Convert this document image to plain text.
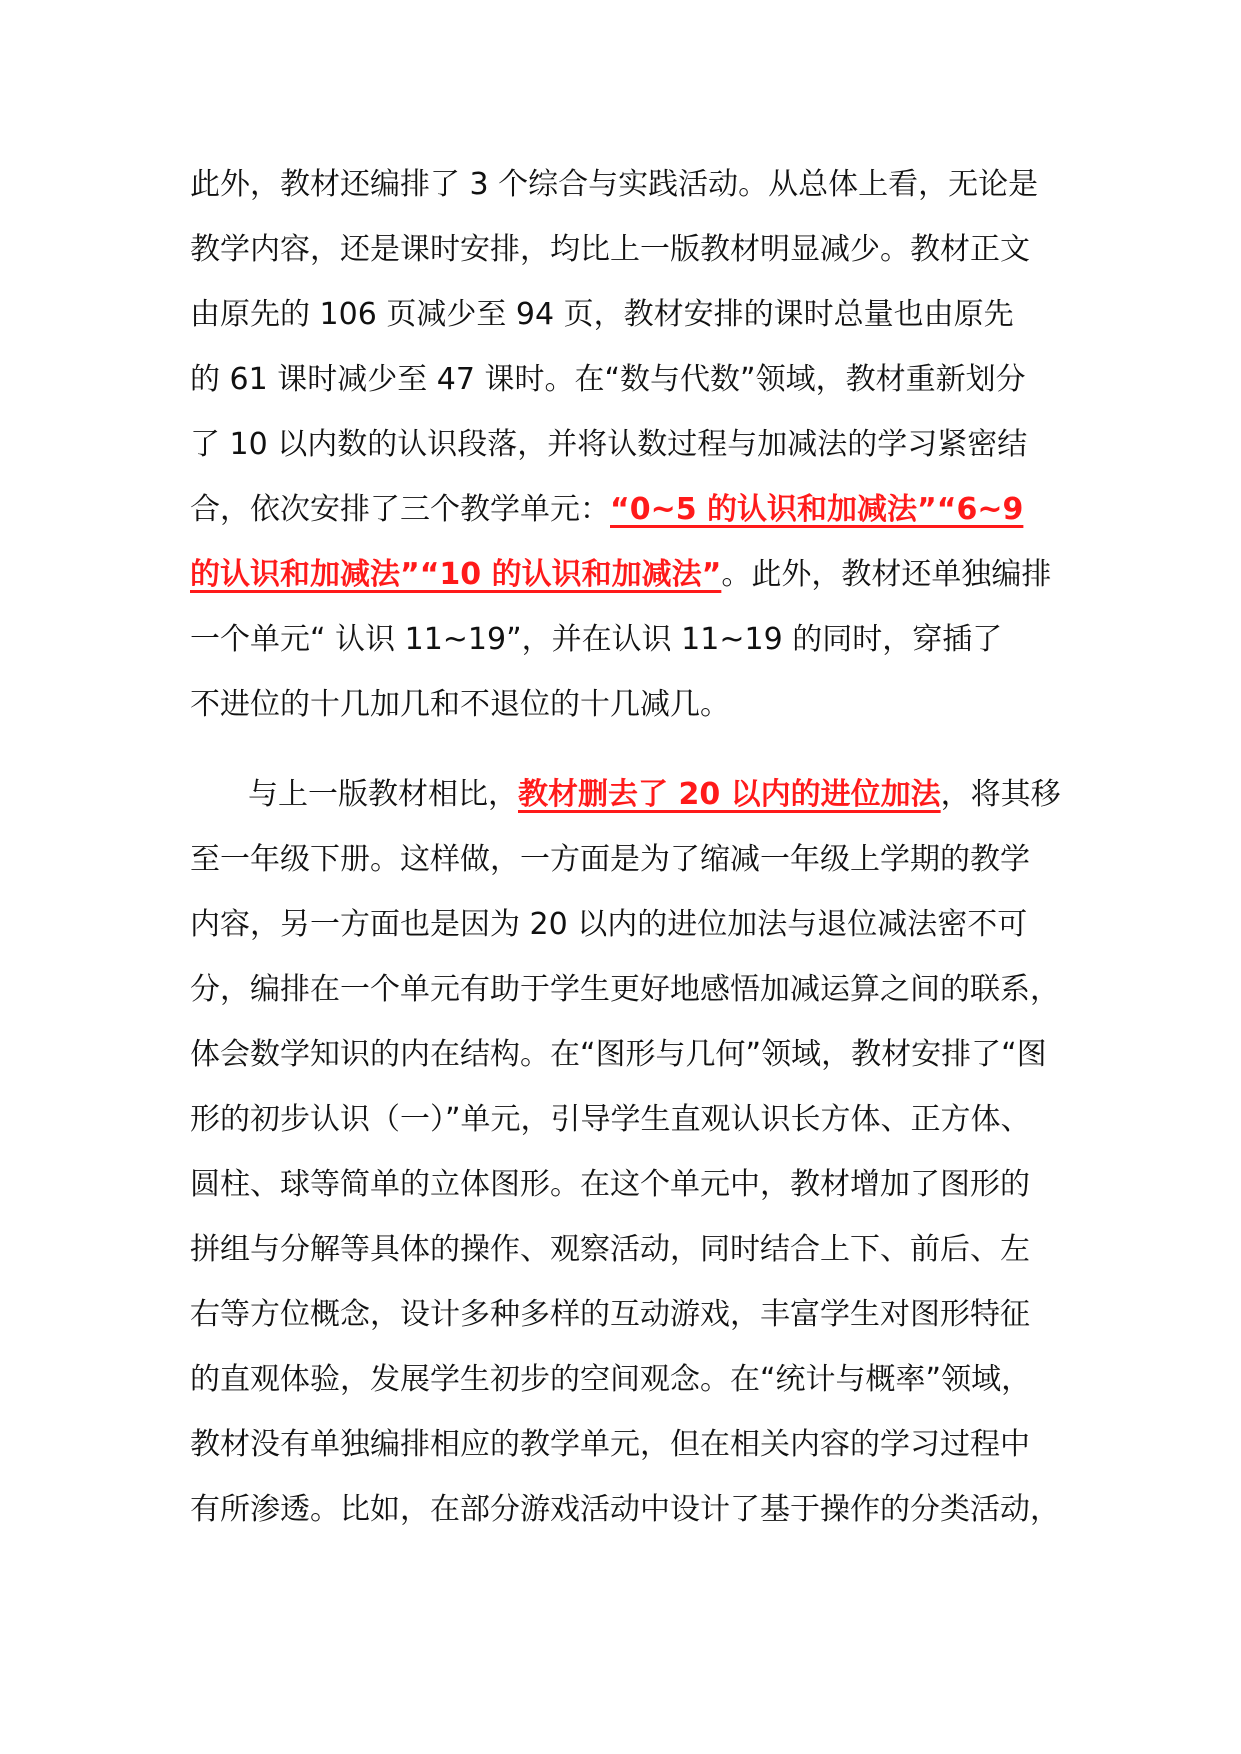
此外，教材还编排了 3 个综合与实践活动。从总体上看，无论是
教学内容，还是课时安排，均比上一版教材明显减少。教材正文
由原先的 106 页减少至 94 页，教材安排的课时总量也由原先
的 61 课时减少至 47 课时。在“数与代数”领域，教材重新划分
了 10 以内数的认识段落，并将认数过程与加减法的学习紧密结
合，依次安排了三个教学单元：“0~5 的认识和加减法”“6~9
的认识和加减法”“10 的认识和加减法”。此外，教材还单独编排
一个单元“ 认识 11~19”，并在认识 11~19 的同时，穿插了
不进位的十几加几和不退位的十几减几。
与上一版教材相比，教材删去了 20 以内的进位加法，将其移
至一年级下册。这样做，一方面是为了缩减一年级上学期的教学
内容，另一方面也是因为 20 以内的进位加法与退位减法密不可
分，编排在一个单元有助于学生更好地感悟加减运算之间的联系，
体会数学知识的内在结构。在“图形与几何”领域，教材安排了“图
形的初步认识（一）”单元，引导学生直观认识长方体、正方体、
圆柱、球等简单的立体图形。在这个单元中，教材增加了图形的
拼组与分解等具体的操作、观察活动，同时结合上下、前后、左
右等方位概念，设计多种多样的互动游戏，丰富学生对图形特征
的直观体验，发展学生初步的空间观念。在“统计与概率”领域，
教材没有单独编排相应的教学单元，但在相关内容的学习过程中
有所渗透。比如，在部分游戏活动中设计了基于操作的分类活动，
